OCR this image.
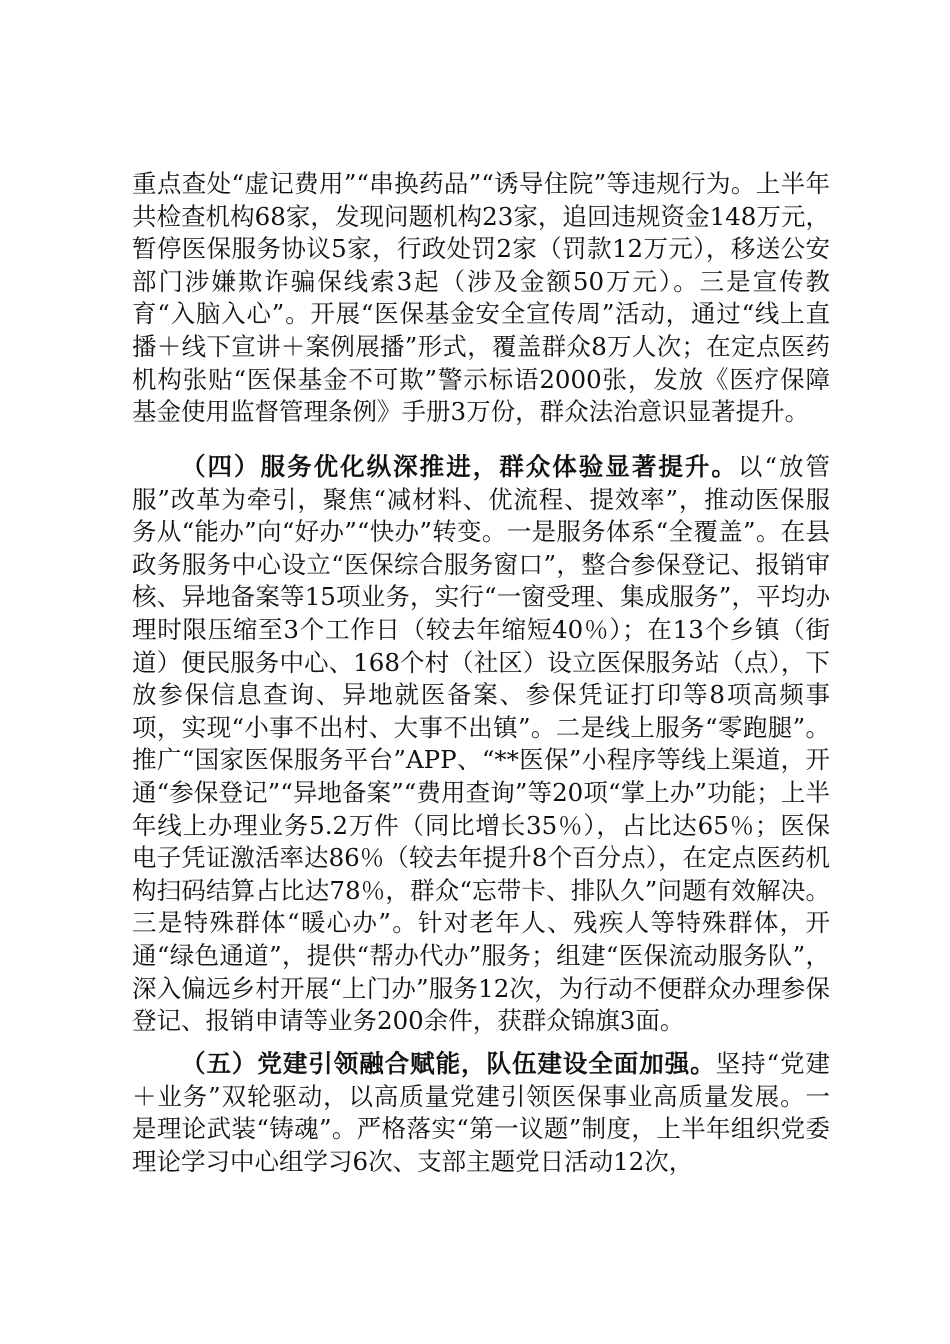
重点查处“虚记费用”“串换药品”“诱导住院”等违规行为。上半年共检查机构68家，发现问题机构23家，追回违规资金148万元，暂停医保服务协议5家，行政处罚2家（罚款12万元），移送公安部门涉嫌欺诈骗保线索3起（涉及金额50万元）。三是宣传教育“入脑入心”。开展“医保基金安全宣传周”活动，通过“线上直播＋线下宣讲＋案例展播”形式，覆盖群众8万人次；在定点医药机构张贴“医保基金不可欺”警示标语2000张，发放《医疗保障基金使用监督管理条例》手册3万份，群众法治意识显著提升。

（四）服务优化纵深推进，群众体验显著提升。以“放管服”改革为牵引，聚焦“减材料、优流程、提效率”，推动医保服务从“能办”向“好办”“快办”转变。一是服务体系“全覆盖”。在县政务服务中心设立“医保综合服务窗口”，整合参保登记、报销审核、异地备案等15项业务，实行“一窗受理、集成服务”，平均办理时限压缩至3个工作日（较去年缩短40％）；在13个乡镇（街道）便民服务中心、168个村（社区）设立医保服务站（点），下放参保信息查询、异地就医备案、参保凭证打印等8项高频事项，实现“小事不出村、大事不出镇”。二是线上服务“零跑腿”。推广“国家医保服务平台”APP、“**医保”小程序等线上渠道，开通“参保登记”“异地备案”“费用查询”等20项“掌上办”功能；上半年线上办理业务5.2万件（同比增长35％），占比达65％；医保电子凭证激活率达86％（较去年提升8个百分点），在定点医药机构扫码结算占比达78％，群众“忘带卡、排队久”问题有效解决。三是特殊群体“暖心办”。针对老年人、残疾人等特殊群体，开通“绿色通道”，提供“帮办代办”服务；组建“医保流动服务队”，深入偏远乡村开展“上门办”服务12次，为行动不便群众办理参保登记、报销申请等业务200余件，获群众锦旗3面。

（五）党建引领融合赋能，队伍建设全面加强。坚持“党建＋业务”双轮驱动，以高质量党建引领医保事业高质量发展。一是理论武装“铸魂”。严格落实“第一议题”制度，上半年组织党委理论学习中心组学习6次、支部主题党日活动12次，
